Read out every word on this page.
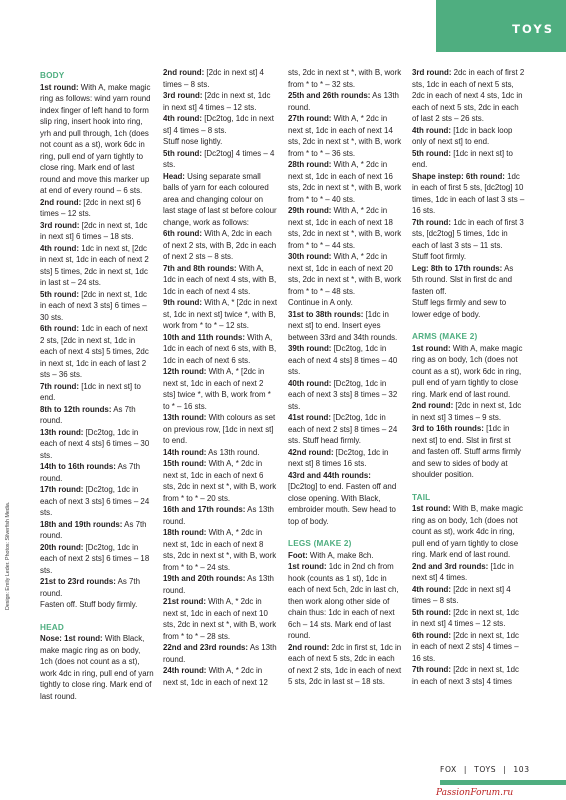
TOYS
Design: Emily Leder. Photos: Silverfish Media.
BODY
1st round: With A, make magic ring as follows: wind yarn round index finger of left hand to form slip ring, insert hook into ring, yrh and pull through, 1ch (does not count as a st), work 6dc in ring, pull end of yarn tightly to close ring. Mark end of last round and move this marker up at end of every round – 6 sts.
2nd round: [2dc in next st] 6 times – 12 sts.
3rd round: [2dc in next st, 1dc in next st] 6 times – 18 sts.
4th round: 1dc in next st, [2dc in next st, 1dc in each of next 2 sts] 5 times, 2dc in next st, 1dc in last st – 24 sts.
5th round: [2dc in next st, 1dc in each of next 3 sts] 6 times – 30 sts.
6th round: 1dc in each of next 2 sts, [2dc in next st, 1dc in each of next 4 sts] 5 times, 2dc in next st, 1dc in each of last 2 sts – 36 sts.
7th round: [1dc in next st] to end.
8th to 12th rounds: As 7th round.
13th round: [Dc2tog, 1dc in each of next 4 sts] 6 times – 30 sts.
14th to 16th rounds: As 7th round.
17th round: [Dc2tog, 1dc in each of next 3 sts] 6 times – 24 sts.
18th and 19th rounds: As 7th round.
20th round: [Dc2tog, 1dc in each of next 2 sts] 6 times – 18 sts.
21st to 23rd rounds: As 7th round.
Fasten off. Stuff body firmly.
HEAD
Nose: 1st round: With Black, make magic ring as on body, 1ch (does not count as a st), work 4dc in ring, pull end of yarn tightly to close ring. Mark end of last round.
2nd round: [2dc in next st] 4 times – 8 sts.
3rd round: [2dc in next st, 1dc in next st] 4 times – 12 sts.
4th round: [Dc2tog, 1dc in next st] 4 times – 8 sts.
Stuff nose lightly.
5th round: [Dc2tog] 4 times – 4 sts.
Head: Using separate small balls of yarn for each coloured area and changing colour on last stage of last st before colour change, work as follows:
6th round: With A, 2dc in each of next 2 sts, with B, 2dc in each of next 2 sts – 8 sts.
7th and 8th rounds: With A, 1dc in each of next 4 sts, with B, 1dc in each of next 4 sts.
9th round: With A, * [2dc in next st, 1dc in next st] twice *, with B, work from * to * – 12 sts.
10th and 11th rounds: With A, 1dc in each of next 6 sts, with B, 1dc in each of next 6 sts.
12th round: With A, * [2dc in next st, 1dc in each of next 2 sts] twice *, with B, work from * to * – 16 sts.
13th round: With colours as set on previous row, [1dc in next st] to end.
14th round: As 13th round.
15th round: With A, * 2dc in next st, 1dc in each of next 6 sts, 2dc in next st *, with B, work from * to * – 20 sts.
16th and 17th rounds: As 13th round.
18th round: With A, * 2dc in next st, 1dc in each of next 8 sts, 2dc in next st *, with B, work from * to * – 24 sts.
19th and 20th rounds: As 13th round.
21st round: With A, * 2dc in next st, 1dc in each of next 10 sts, 2dc in next st *, with B, work from * to * – 28 sts.
22nd and 23rd rounds: As 13th round.
24th round: With A, * 2dc in next st, 1dc in each of next 12
sts, 2dc in next st *, with B, work from * to * – 32 sts.
25th and 26th rounds: As 13th round.
27th round: With A, * 2dc in next st, 1dc in each of next 14 sts, 2dc in next st *, with B, work from * to * – 36 sts.
28th round: With A, * 2dc in next st, 1dc in each of next 16 sts, 2dc in next st *, with B, work from * to * – 40 sts.
29th round: With A, * 2dc in next st, 1dc in each of next 18 sts, 2dc in next st *, with B, work from * to * – 44 sts.
30th round: With A, * 2dc in next st, 1dc in each of next 20 sts, 2dc in next st *, with B, work from * to * – 48 sts.
Continue in A only.
31st to 38th rounds: [1dc in next st] to end. Insert eyes between 33rd and 34th rounds.
39th round: [Dc2tog, 1dc in each of next 4 sts] 8 times – 40 sts.
40th round: [Dc2tog, 1dc in each of next 3 sts] 8 times – 32 sts.
41st round: [Dc2tog, 1dc in each of next 2 sts] 8 times – 24 sts. Stuff head firmly.
42nd round: [Dc2tog, 1dc in next st] 8 times 16 sts.
43rd and 44th rounds: [Dc2tog] to end. Fasten off and close opening. With Black, embroider mouth. Sew head to top of body.
LEGS (MAKE 2)
Foot: With A, make 8ch.
1st round: 1dc in 2nd ch from hook (counts as 1 st), 1dc in each of next 5ch, 2dc in last ch, then work along other side of chain thus: 1dc in each of next 6ch – 14 sts. Mark end of last round.
2nd round: 2dc in first st, 1dc in each of next 5 sts, 2dc in each of next 2 sts, 1dc in each of next 5 sts, 2dc in last st – 18 sts.
3rd round: 2dc in each of first 2 sts, 1dc in each of next 5 sts, 2dc in each of next 4 sts, 1dc in each of next 5 sts, 2dc in each of last 2 sts – 26 sts.
4th round: [1dc in back loop only of next st] to end.
5th round: [1dc in next st] to end.
Shape instep: 6th round: 1dc in each of first 5 sts, [dc2tog] 10 times, 1dc in each of last 3 sts – 16 sts.
7th round: 1dc in each of first 3 sts, [dc2tog] 5 times, 1dc in each of last 3 sts – 11 sts.
Stuff foot firmly.
Leg: 8th to 17th rounds: As 5th round. Slst in first dc and fasten off.
Stuff legs firmly and sew to lower edge of body.
ARMS (MAKE 2)
1st round: With A, make magic ring as on body, 1ch (does not count as a st), work 6dc in ring, pull end of yarn tightly to close ring. Mark end of last round.
2nd round: [2dc in next st, 1dc in next st] 3 times – 9 sts.
3rd to 16th rounds: [1dc in next st] to end. Slst in first st and fasten off. Stuff arms firmly and sew to sides of body at shoulder position.
TAIL
1st round: With B, make magic ring as on body, 1ch (does not count as st), work 4dc in ring, pull end of yarn tightly to close ring. Mark end of last round.
2nd and 3rd rounds: [1dc in next st] 4 times.
4th round: [2dc in next st] 4 times – 8 sts.
5th round: [2dc in next st, 1dc in next st] 4 times – 12 sts.
6th round: [2dc in next st, 1dc in each of next 2 sts] 4 times – 16 sts.
7th round: [2dc in next st, 1dc in each of next 3 sts] 4 times
FOX | TOYS | 103
PassionForum.ru
